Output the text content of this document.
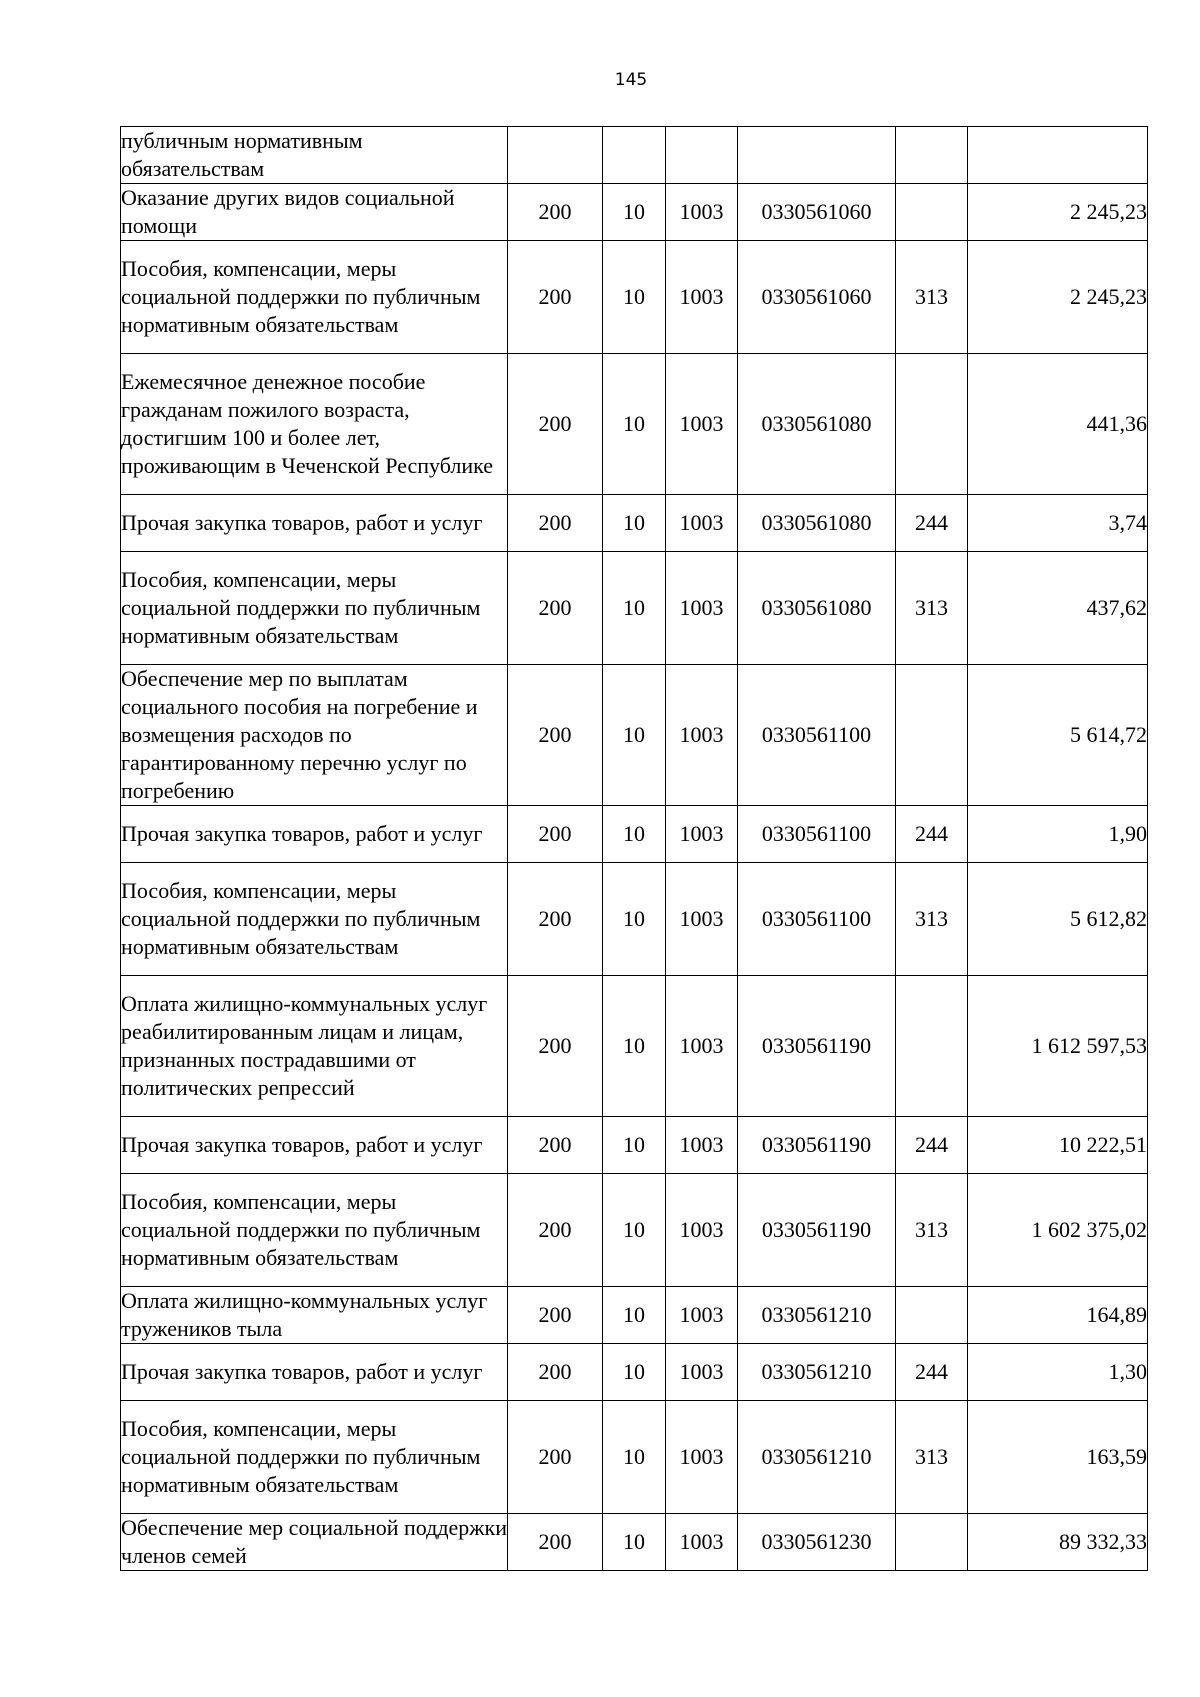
145
публичным нормативным обязательствам						
Оказание других видов социальной помощи	200	10	1003	0330561060		2 245,23
Пособия, компенсации, меры социальной поддержки по публичным нормативным обязательствам	200	10	1003	0330561060	313	2 245,23
Ежемесячное денежное пособие гражданам пожилого возраста, достигшим 100 и более лет, проживающим в Чеченской Республике	200	10	1003	0330561080		441,36
Прочая закупка товаров, работ и услуг	200	10	1003	0330561080	244	3,74
Пособия, компенсации, меры социальной поддержки по публичным нормативным обязательствам	200	10	1003	0330561080	313	437,62
Обеспечение мер по выплатам социального пособия на погребение и возмещения расходов по гарантированному перечню услуг по погребению	200	10	1003	0330561100		5 614,72
Прочая закупка товаров, работ и услуг	200	10	1003	0330561100	244	1,90
Пособия, компенсации, меры социальной поддержки по публичным нормативным обязательствам	200	10	1003	0330561100	313	5 612,82
Оплата жилищно-коммунальных услуг реабилитированным лицам и лицам, признанных пострадавшими от политических репрессий	200	10	1003	0330561190		1 612 597,53
Прочая закупка товаров, работ и услуг	200	10	1003	0330561190	244	10 222,51
Пособия, компенсации, меры социальной поддержки по публичным нормативным обязательствам	200	10	1003	0330561190	313	1 602 375,02
Оплата жилищно-коммунальных услуг тружеников тыла	200	10	1003	0330561210		164,89
Прочая закупка товаров, работ и услуг	200	10	1003	0330561210	244	1,30
Пособия, компенсации, меры социальной поддержки по публичным нормативным обязательствам	200	10	1003	0330561210	313	163,59
Обеспечение мер социальной поддержки членов семей	200	10	1003	0330561230		89 332,33
